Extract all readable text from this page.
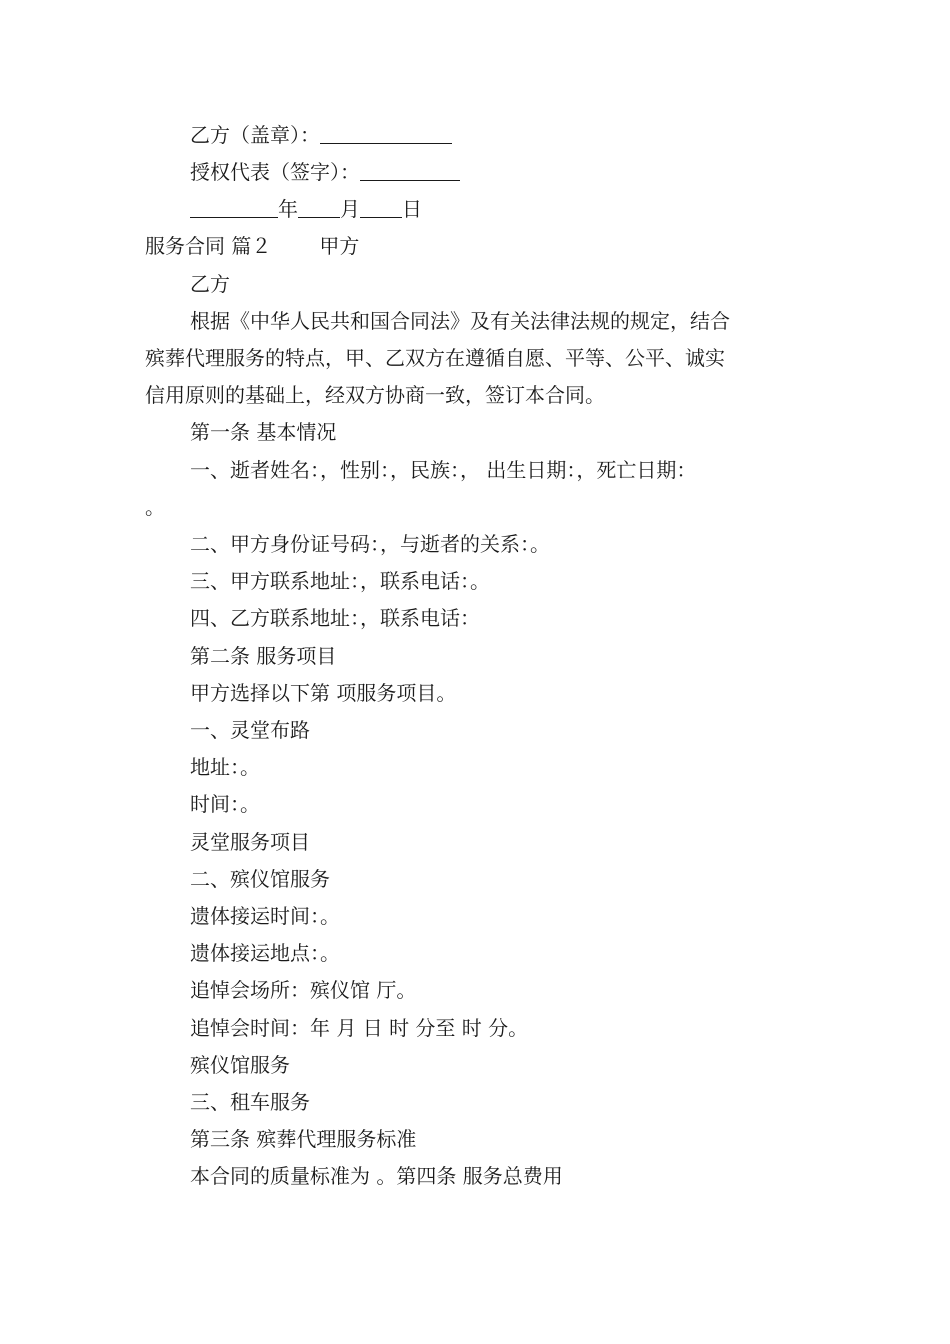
乙方（盖章）：
授权代表（签字）：
年 月 日
服务合同 篇２ 甲方
乙方
根据《中华人民共和国合同法》及有关法律法规的规定，结合
殡葬代理服务的特点，甲、乙双方在遵循自愿、平等、公平、诚实
信用原则的基础上，经双方协商一致，签订本合同。
第一条 基本情况
一、逝者姓名：，性别：，民族：， 出生日期：，死亡日期：
。
二、甲方身份证号码：，与逝者的关系：。
三、甲方联系地址：，联系电话：。
四、乙方联系地址：，联系电话：
第二条 服务项目
甲方选择以下第 项服务项目。
一、灵堂布路
地址：。
时间：。
灵堂服务项目
二、殡仪馆服务
遗体接运时间：。
遗体接运地点：。
追悼会场所：殡仪馆 厅。
追悼会时间：年 月 日 时 分至 时 分。
殡仪馆服务
三、租车服务
第三条 殡葬代理服务标准
本合同的质量标准为 。第四条 服务总费用
